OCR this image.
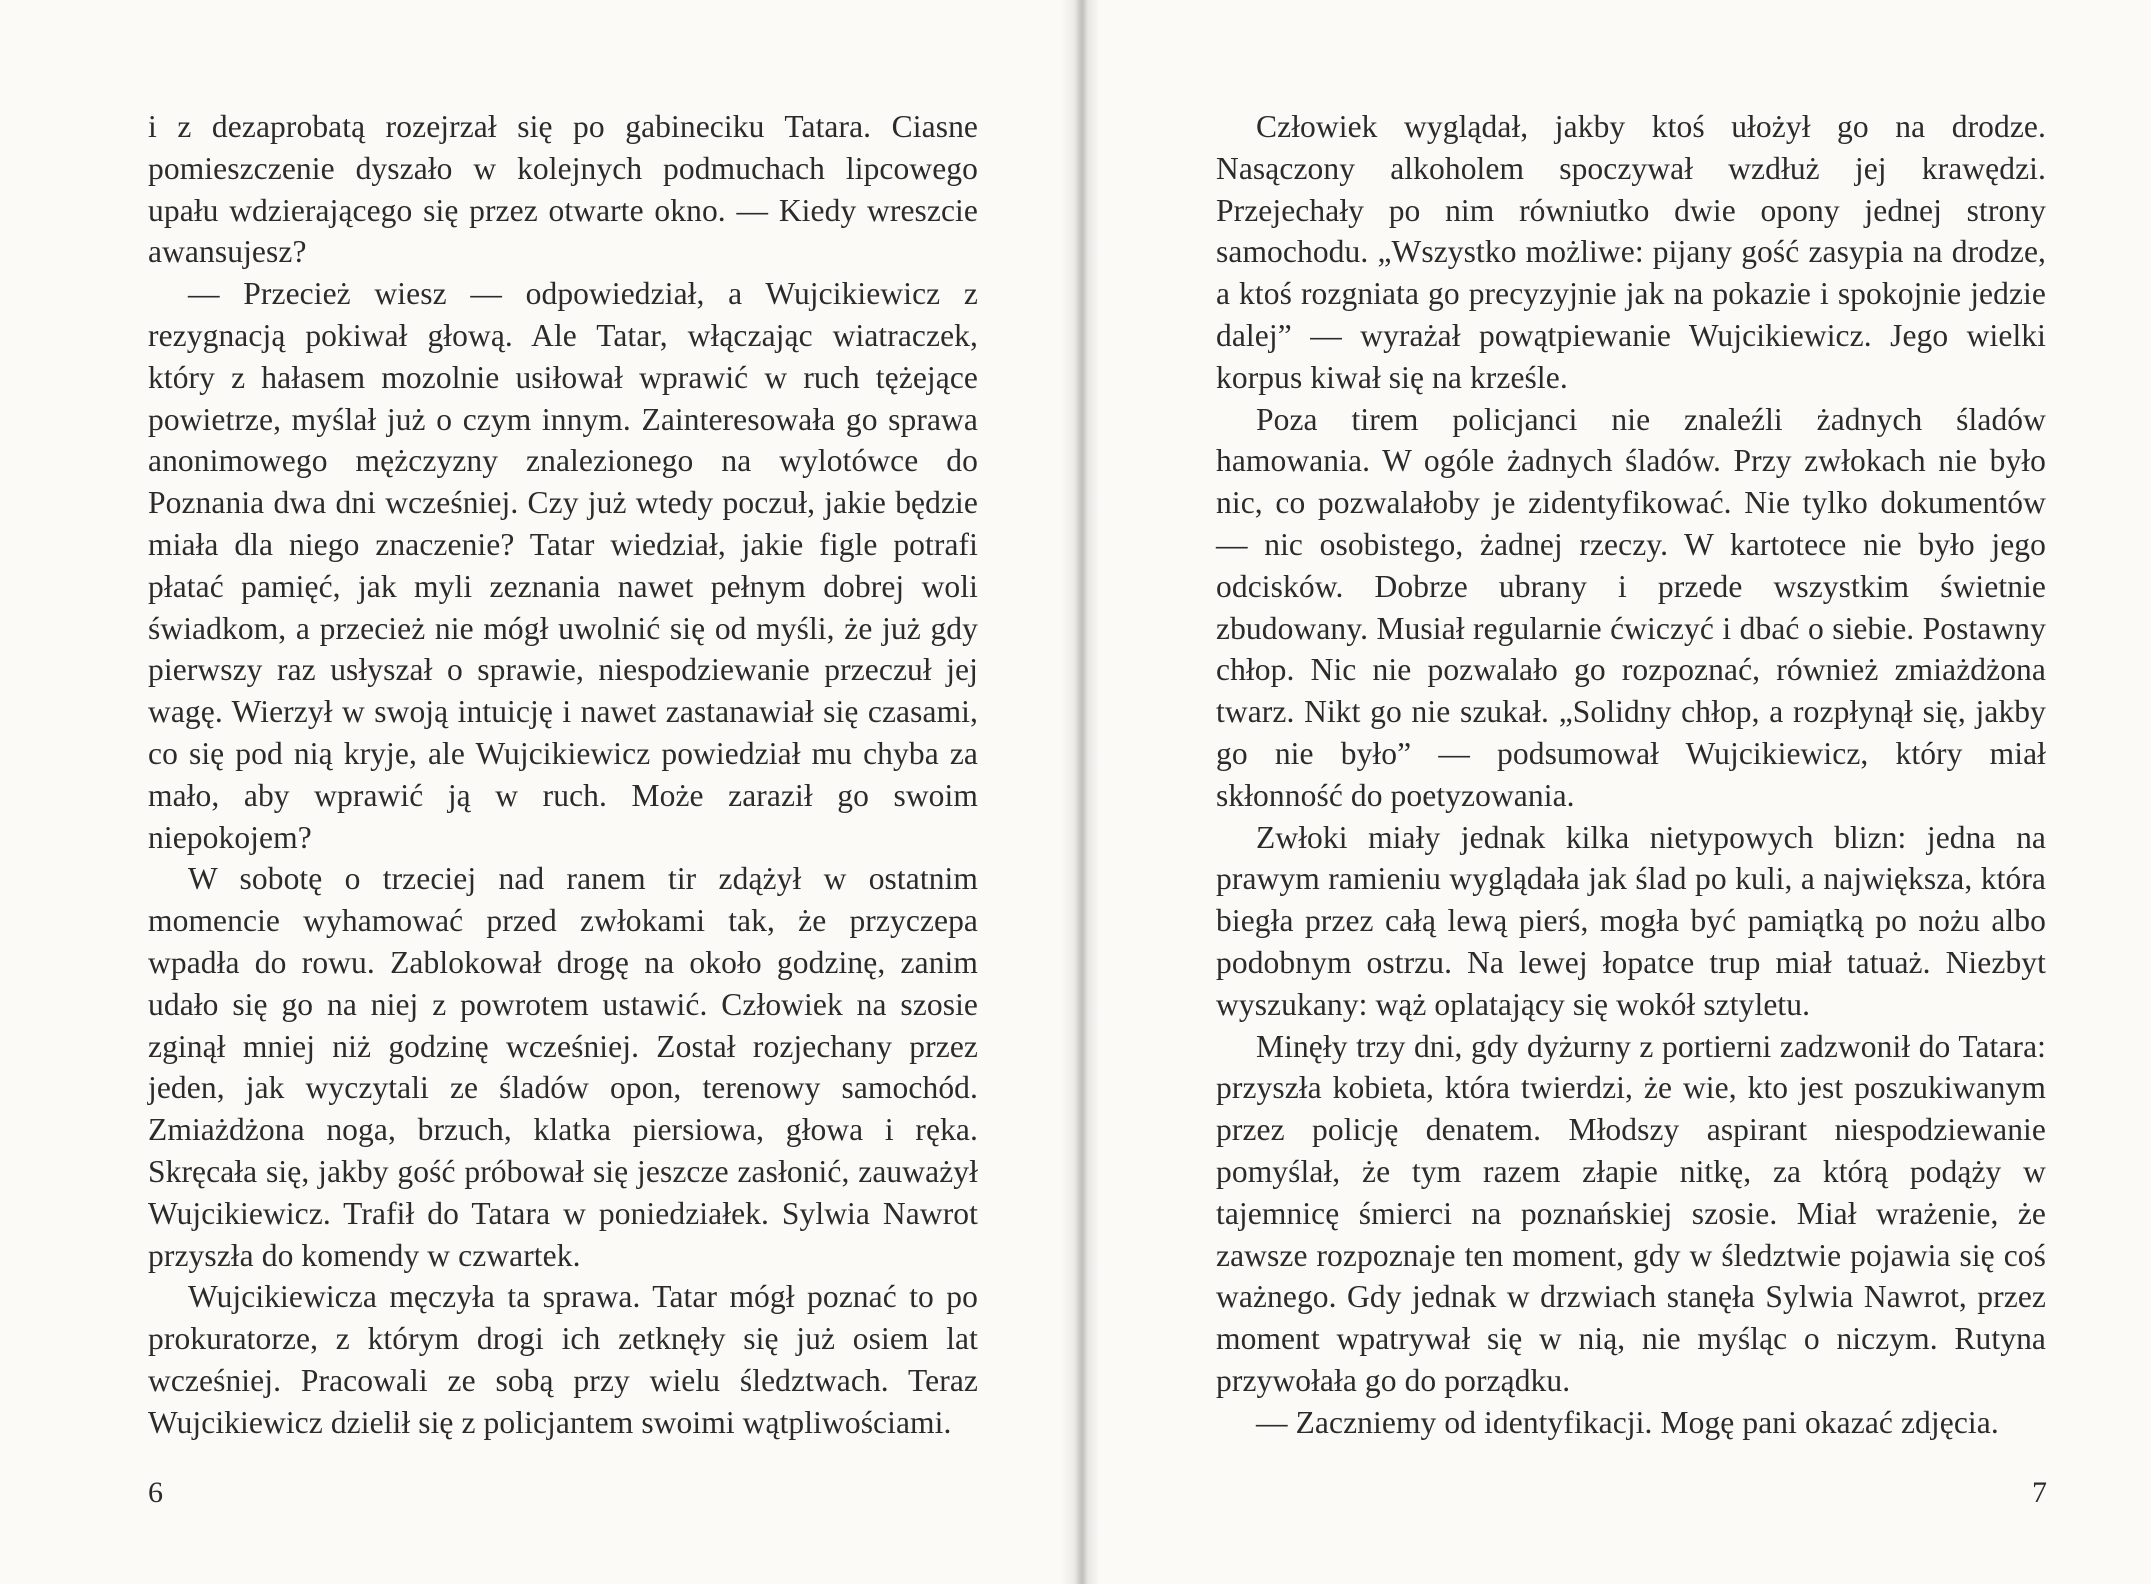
i z dezaprobatą rozejrzał się po gabineciku Tatara. Ciasne pomieszczenie dyszało w kolejnych podmuchach lipcowego upału wdzierającego się przez otwarte okno. — Kiedy wreszcie awansujesz?

— Przecież wiesz — odpowiedział, a Wujcikiewicz z rezygnacją pokiwał głową. Ale Tatar, włączając wiatraczek, który z hałasem mozolnie usiłował wprawić w ruch tężejące powietrze, myślał już o czym innym. Zainteresowała go sprawa anonimowego mężczyzny znalezionego na wylotówce do Poznania dwa dni wcześniej. Czy już wtedy poczuł, jakie będzie miała dla niego znaczenie? Tatar wiedział, jakie figle potrafi płatać pamięć, jak myli zeznania nawet pełnym dobrej woli świadkom, a przecież nie mógł uwolnić się od myśli, że już gdy pierwszy raz usłyszał o sprawie, niespodziewanie przeczuł jej wagę. Wierzył w swoją intuicję i nawet zastanawiał się czasami, co się pod nią kryje, ale Wujcikiewicz powiedział mu chyba za mało, aby wprawić ją w ruch. Może zaraził go swoim niepokojem?

W sobotę o trzeciej nad ranem tir zdążył w ostatnim momencie wyhamować przed zwłokami tak, że przyczepa wpadła do rowu. Zablokował drogę na około godzinę, zanim udało się go na niej z powrotem ustawić. Człowiek na szosie zginął mniej niż godzinę wcześniej. Został rozjechany przez jeden, jak wyczytali ze śladów opon, terenowy samochód. Zmiażdżona noga, brzuch, klatka piersiowa, głowa i ręka. Skręcała się, jakby gość próbował się jeszcze zasłonić, zauważył Wujcikiewicz. Trafił do Tatara w poniedziałek. Sylwia Nawrot przyszła do komendy w czwartek.

Wujcikiewicza męczyła ta sprawa. Tatar mógł poznać to po prokuratorze, z którym drogi ich zetknęły się już osiem lat wcześniej. Pracowali ze sobą przy wielu śledztwach. Teraz Wujcikiewicz dzielił się z policjantem swoimi wątpliwościami.

6

Człowiek wyglądał, jakby ktoś ułożył go na drodze. Nasączony alkoholem spoczywał wzdłuż jej krawędzi. Przejechały po nim równiutko dwie opony jednej strony samochodu. „Wszystko możliwe: pijany gość zasypia na drodze, a ktoś rozgniata go precyzyjnie jak na pokazie i spokojnie jedzie dalej” — wyrażał powątpiewanie Wujcikiewicz. Jego wielki korpus kiwał się na krześle.

Poza tirem policjanci nie znaleźli żadnych śladów hamowania. W ogóle żadnych śladów. Przy zwłokach nie było nic, co pozwalałoby je zidentyfikować. Nie tylko dokumentów — nic osobistego, żadnej rzeczy. W kartotece nie było jego odcisków. Dobrze ubrany i przede wszystkim świetnie zbudowany. Musiał regularnie ćwiczyć i dbać o siebie. Postawny chłop. Nic nie pozwalało go rozpoznać, również zmiażdżona twarz. Nikt go nie szukał. „Solidny chłop, a rozpłynął się, jakby go nie było” — podsumował Wujcikiewicz, który miał skłonność do poetyzowania.

Zwłoki miały jednak kilka nietypowych blizn: jedna na prawym ramieniu wyglądała jak ślad po kuli, a największa, która biegła przez całą lewą pierś, mogła być pamiątką po nożu albo podobnym ostrzu. Na lewej łopatce trup miał tatuaż. Niezbyt wyszukany: wąż oplatający się wokół sztyletu.

Minęły trzy dni, gdy dyżurny z portierni zadzwonił do Tatara: przyszła kobieta, która twierdzi, że wie, kto jest poszukiwanym przez policję denatem. Młodszy aspirant niespodziewanie pomyślał, że tym razem złapie nitkę, za którą podąży w tajemnicę śmierci na poznańskiej szosie. Miał wrażenie, że zawsze rozpoznaje ten moment, gdy w śledztwie pojawia się coś ważnego. Gdy jednak w drzwiach stanęła Sylwia Nawrot, przez moment wpatrywał się w nią, nie myśląc o niczym. Rutyna przywołała go do porządku.

— Zaczniemy od identyfikacji. Mogę pani okazać zdjęcia.

7
